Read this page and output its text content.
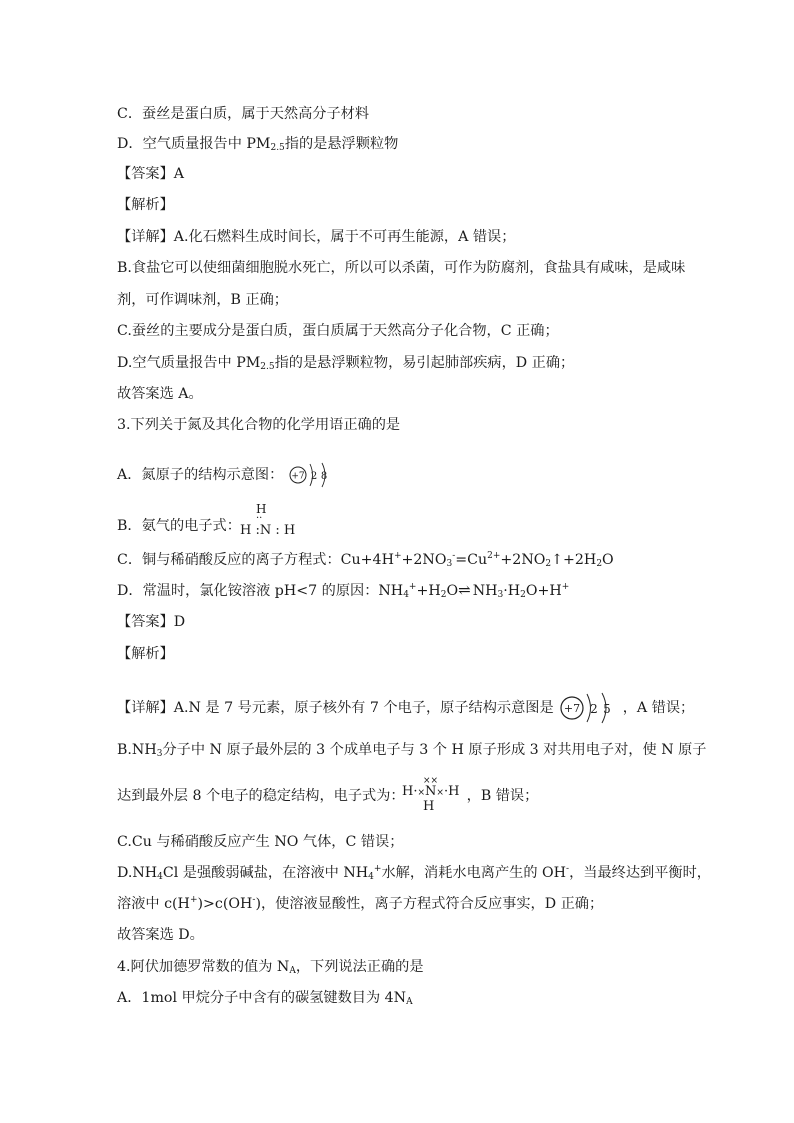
C．蚕丝是蛋白质，属于天然高分子材料
D．空气质量报告中 $PM_{2.5}$指的是悬浮颗粒物
【答案】A
【解析】
【详解】A.化石燃料生成时间长，属于不可再生能源，A 错误；
B.食盐它可以使细菌细胞脱水死亡，所以可以杀菌，可作为防腐剂，食盐具有咸味，是咸味
剂，可作调味剂，B 正确；
C.蚕丝的主要成分是蛋白质，蛋白质属于天然高分子化合物，C 正确；
D.空气质量报告中 $PM_{2.5}$指的是悬浮颗粒物，易引起肺部疾病，D 正确；
故答案选 A。
3.下列关于氮及其化合物的化学用语正确的是
A．氮原子的结构示意图： +7 2 8
H
··
B．氨气的电子式： H :N : H
C．铜与稀硝酸反应的离子方程式：$Cu+4H^++2NO_3^-=Cu^{2+}+2NO_2↑+2H_2O$
D．常温时，氯化铵溶液 pH<7 的原因：$NH_4^++H_2O\rightleftharpoons NH_3\cdot H_2O+H^+$
【答案】D
【解析】
【详解】A.N 是 7 号元素，原子核外有 7 个电子，原子结构示意图是 +7 2 5 ，A 错误；
$B.NH_3$分子中 N 原子最外层的 3 个成单电子与 3 个 H 原子形成 3 对共用电子对，使 N 原子
××
达到最外层 8 个电子的稳定结构，电子式为：	，B 错误；
H·×N×·H
H
C.Cu 与稀硝酸反应产生 NO 气体，C 错误；
$D.NH_4Cl$ 是强酸弱碱盐，在溶液中 $NH_4^+$水解，消耗水电离产生的 OH-，当最终达到平衡时，
溶液中 c(H+)>c(OH-)，使溶液显酸性，离子方程式符合反应事实，D 正确；
故答案选 D。
4.阿伏加德罗常数的值为 $N_A$，下列说法正确的是
A．1mol 甲烷分子中含有的碳氢键数目为 $4N_A$
